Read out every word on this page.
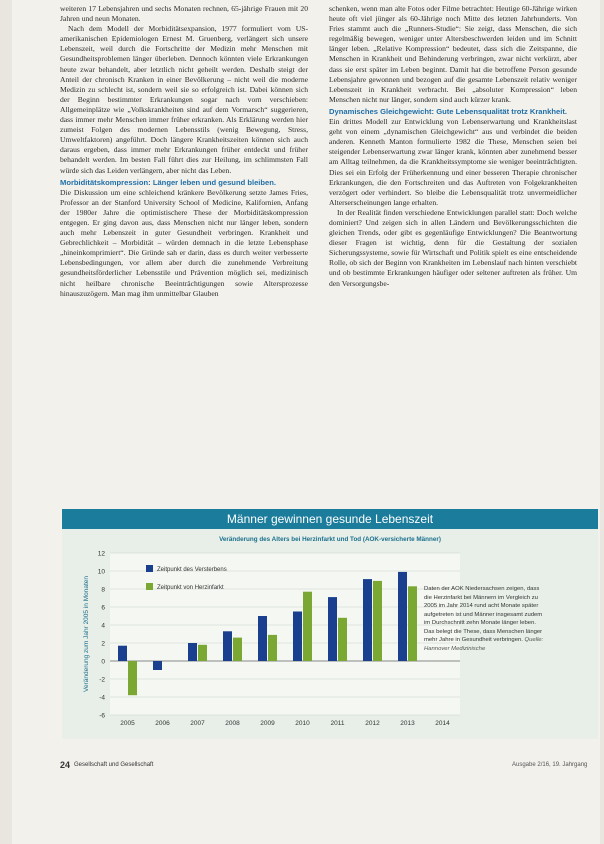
weiteren 17 Lebensjahren und sechs Monaten rechnen, 65-jährige Frauen mit 20 Jahren und neun Monaten.

Nach dem Modell der Morbiditätsexpansion, 1977 formuliert vom US-amerikanischen Epidemiologen Ernest M. Gruenberg, verlängert sich unsere Lebenszeit, weil durch die Fortschritte der Medizin mehr Menschen mit Gesundheitsproblemen länger überleben. Dennoch könnten viele Erkrankungen heute zwar behandelt, aber letztlich nicht geheilt werden. Deshalb steigt der Anteil der chronisch Kranken in einer Bevölkerung – nicht weil die moderne Medizin zu schlecht ist, sondern weil sie so erfolgreich ist. Dabei können sich der Beginn bestimmter Erkrankungen sogar nach vorn verschieben: Allgemeinplätze wie „Volkskrankheiten sind auf dem Vormarsch“ suggerieren, dass immer mehr Menschen immer früher erkranken. Als Erklärung werden hier zumeist Folgen des modernen Lebensstils (wenig Bewegung, Stress, Umweltfaktoren) angeführt. Doch längere Krankheitszeiten können sich auch daraus ergeben, dass immer mehr Erkrankungen früher entdeckt und früher behandelt werden. Im besten Fall führt dies zur Heilung, im schlimmsten Fall würde sich das Leiden verlängern, aber nicht das Leben.

Morbiditätskompression: Länger leben und gesund bleiben.

Die Diskussion um eine schleichend kränkere Bevölkerung setzte James Fries, Professor an der Stanford University School of Medicine, Kalifornien, Anfang der 1980er Jahre die optimistischere These der Morbiditätskompression entgegen. Er ging davon aus, dass Menschen nicht nur länger leben, sondern auch mehr Lebenszeit in guter Gesundheit verbringen. Krankheit und Gebrechlichkeit – Morbidität – würden demnach in die letzte Lebensphase „hineinkomprimiert“. Die Gründe sah er darin, dass es durch weiter verbesserte Lebensbedingungen, vor allem aber durch die zunehmende Verbreitung gesundheitsförderlicher Lebensstile und Prävention möglich sei, medizinisch nicht heilbare chronische Beeinträchtigungen sowie Altersprozesse hinauszuzögern. Man mag ihm unmittelbar Glauben

schenken, wenn man alte Fotos oder Filme betrachtet: Heutige 60-Jährige wirken heute oft viel jünger als 60-Jährige noch Mitte des letzten Jahrhunderts. Von Fries stammt auch die „Runners-Studie“: Sie zeigt, dass Menschen, die sich regelmäßig bewegen, weniger unter Altersbeschwerden leiden und im Schnitt länger leben. „Relative Kompression“ bedeutet, dass sich die Zeitspanne, die Menschen in Krankheit und Behinderung verbringen, zwar nicht verkürzt, aber dass sie erst später im Leben beginnt. Damit hat die betroffene Person gesunde Lebensjahre gewonnen und bezogen auf die gesamte Lebenszeit relativ weniger Lebenszeit in Krankheit verbracht. Bei „absoluter Kompression“ leben Menschen nicht nur länger, sondern sind auch kürzer krank.

Dynamisches Gleichgewicht: Gute Lebensqualität trotz Krankheit.

Ein drittes Modell zur Entwicklung von Lebenserwartung und Krankheitslast geht von einem „dynamischen Gleichgewicht“ aus und verbindet die beiden anderen. Kenneth Manton formulierte 1982 die These, Menschen seien bei steigender Lebenserwartung zwar länger krank, könnten aber zunehmend besser am Alltag teilnehmen, da die Krankheitssymptome sie weniger beeinträchtigten. Dies sei ein Erfolg der Früherkennung und einer besseren Therapie chronischer Erkrankungen, die den Fortschreiten und das Auftreten von Folgekrankheiten verzögert oder verhindert. So bleibe die Lebensqualität trotz unvermeidlicher Alterserscheinungen lange erhalten.

In der Realität finden verschiedene Entwicklungen parallel statt: Doch welche dominiert? Und zeigen sich in allen Ländern und Bevölkerungsschichten die gleichen Trends, oder gibt es gegenläufige Entwicklungen? Die Beantwortung dieser Fragen ist wichtig, denn für die Gestaltung der sozialen Sicherungssysteme, sowie für Wirtschaft und Politik spielt es eine entscheidende Rolle, ob sich der Beginn von Krankheiten im Lebenslauf nach hinten verschiebt und ob bestimmte Erkrankungen häufiger oder seltener auftreten als früher. Um den Versorgungsbe-

Männer gewinnen gesunde Lebenszeit
Veränderung des Alters bei Herzinfarkt und Tod (AOK-versicherte Männer)
12
10
8
6
4
2
0
-2
-4
-6
Veränderung zum Jahr 2005 in Monaten
2005	2006	2007	2008	2009	2010	2011	2012	2013	2014
Zeitpunkt des Versterbens
Zeitpunkt von Herzinfarkt	Daten der AOK Niedersachsen zeigen, dass die Herzinfarkt bei Männern im Vergleich zu 2005 im Jahr 2014 rund acht Monate später aufgetreten ist und Männer insgesamt zudem im Durchschnitt zehn Monate länger leben. Das belegt die These, dass Menschen länger mehr Jahre in Gesundheit verbringen. Quelle: Hannover Medizinische
24 Gesellschaft und Gesellschaft	Ausgabe 2/16, 19. Jahrgang
